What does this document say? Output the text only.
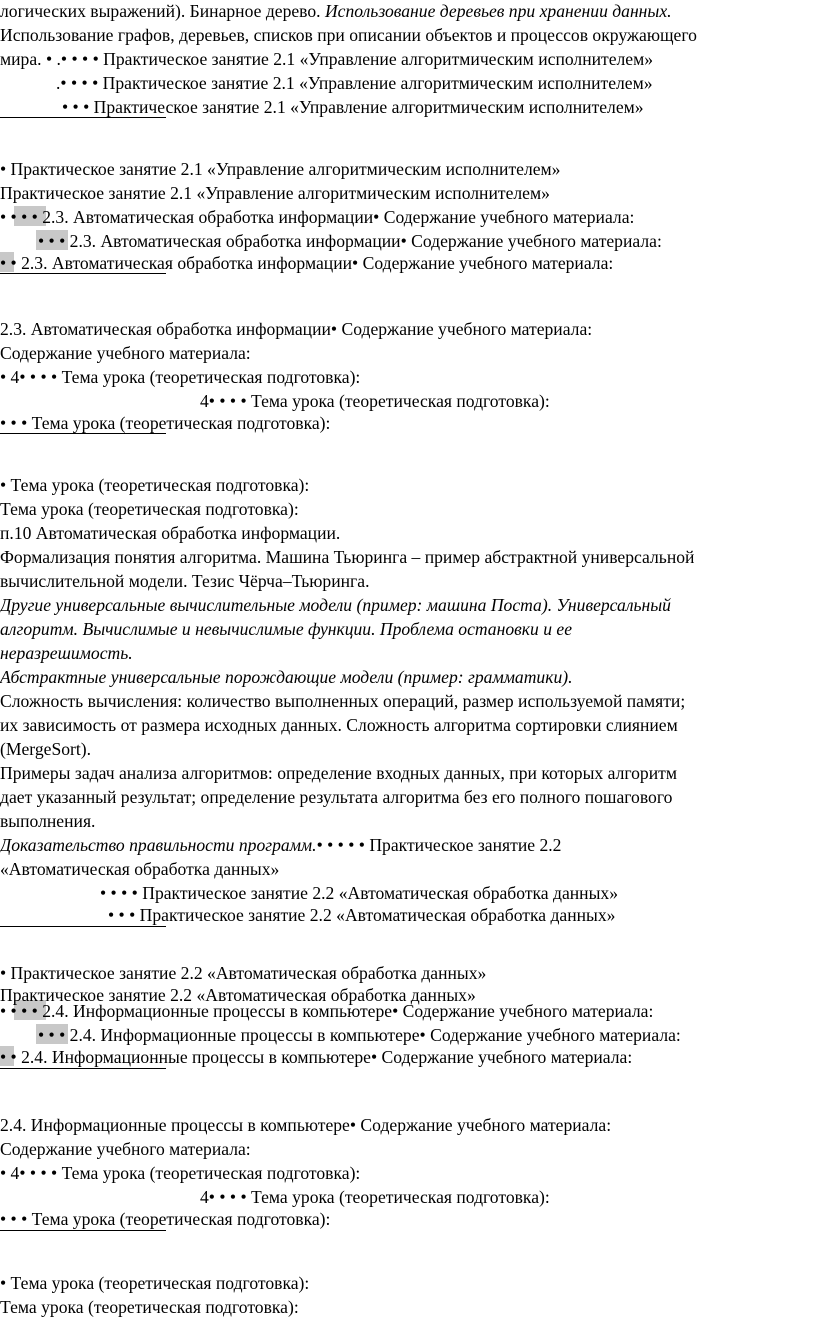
логических выражений). Бинарное дерево. Использование деревьев при хранении данных.
Использование графов, деревьев, списков при описании объектов и процессов окружающего
мира. • .• • • • Практическое занятие 2.1 «Управление алгоритмическим исполнителем»
.• • • • Практическое занятие 2.1 «Управление алгоритмическим исполнителем»
• • • Практическое занятие 2.1 «Управление алгоритмическим исполнителем»
• Практическое занятие 2.1 «Управление алгоритмическим исполнителем»
Практическое занятие 2.1 «Управление алгоритмическим исполнителем»
• • • • 2.3. Автоматическая обработка информации• Содержание учебного материала:
• • • 2.3. Автоматическая обработка информации• Содержание учебного материала:
• • 2.3. Автоматическая обработка информации• Содержание учебного материала:
2.3. Автоматическая обработка информации• Содержание учебного материала:
Содержание учебного материала:
• 4• • • • Тема урока (теоретическая подготовка):
4• • • • Тема урока (теоретическая подготовка):
• • • Тема урока (теоретическая подготовка):
• Тема урока (теоретическая подготовка):
Тема урока (теоретическая подготовка):
п.10 Автоматическая обработка информации.
Формализация понятия алгоритма. Машина Тьюринга – пример абстрактной универсальной
вычислительной модели. Тезис Чёрча–Тьюринга.
Другие универсальные вычислительные модели (пример: машина Поста). Универсальный
алгоритм. Вычислимые и невычислимые функции. Проблема остановки и ее
неразрешимость.
Абстрактные универсальные порождающие модели (пример: грамматики).
Сложность вычисления: количество выполненных операций, размер используемой памяти;
их зависимость от размера исходных данных. Сложность алгоритма сортировки слиянием
(MergeSort).
Примеры задач анализа алгоритмов: определение входных данных, при которых алгоритм
дает указанный результат; определение результата алгоритма без его полного пошагового
выполнения.
Доказательство правильности программ.• • • • • Практическое занятие 2.2
«Автоматическая обработка данных»
• • • • Практическое занятие 2.2 «Автоматическая обработка данных»
• • • Практическое занятие 2.2 «Автоматическая обработка данных»
• Практическое занятие 2.2 «Автоматическая обработка данных»
Практическое занятие 2.2 «Автоматическая обработка данных»
• • • • 2.4. Информационные процессы в компьютере• Содержание учебного материала:
• • • 2.4. Информационные процессы в компьютере• Содержание учебного материала:
• • 2.4. Информационные процессы в компьютере• Содержание учебного материала:
2.4. Информационные процессы в компьютере• Содержание учебного материала:
Содержание учебного материала:
• 4• • • • Тема урока (теоретическая подготовка):
4• • • • Тема урока (теоретическая подготовка):
• • • Тема урока (теоретическая подготовка):
• Тема урока (теоретическая подготовка):
Тема урока (теоретическая подготовка):
